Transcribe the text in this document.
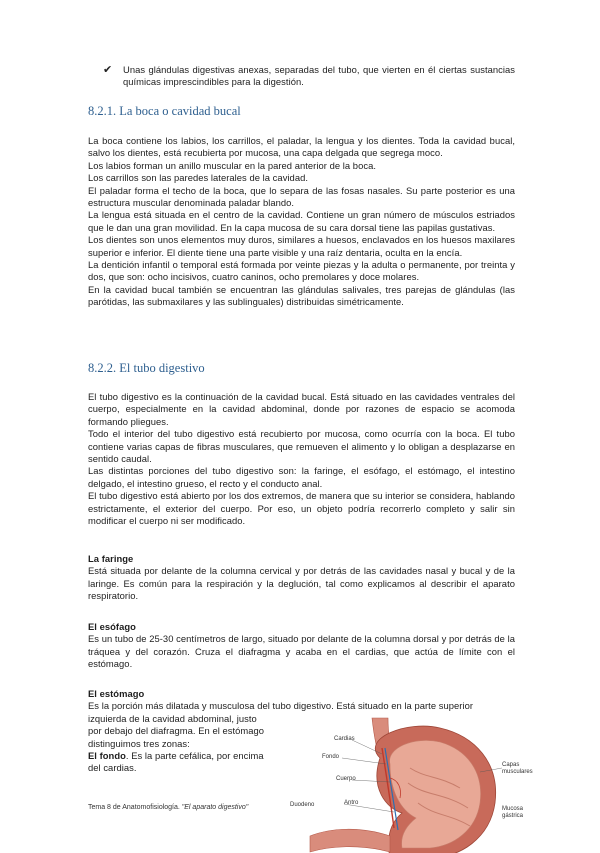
✔ Unas glándulas digestivas anexas, separadas del tubo, que vierten en él ciertas sustancias químicas imprescindibles para la digestión.
8.2.1. La boca o cavidad bucal

La boca contiene los labios, los carrillos, el paladar, la lengua y los dientes. Toda la cavidad bucal, salvo los dientes, está recubierta por mucosa, una capa delgada que segrega moco.

Los labios forman un anillo muscular en la pared anterior de la boca.

Los carrillos son las paredes laterales de la cavidad.

El paladar forma el techo de la boca, que lo separa de las fosas nasales. Su parte posterior es una estructura muscular denominada paladar blando.

La lengua está situada en el centro de la cavidad. Contiene un gran número de músculos estriados que le dan una gran movilidad. En la capa mucosa de su cara dorsal tiene las papilas gustativas.

Los dientes son unos elementos muy duros, similares a huesos, enclavados en los huesos maxilares superior e inferior. El diente tiene una parte visible y una raíz dentaria, oculta en la encía.

La dentición infantil o temporal está formada por veinte piezas y la adulta o permanente, por treinta y dos, que son: ocho incisivos, cuatro caninos, ocho premolares y doce molares.

En la cavidad bucal también se encuentran las glándulas salivales, tres parejas de glándulas (las parótidas, las submaxilares y las sublinguales) distribuidas simétricamente.

8.2.2. El tubo digestivo

El tubo digestivo es la continuación de la cavidad bucal. Está situado en las cavidades ventrales del cuerpo, especialmente en la cavidad abdominal, donde por razones de espacio se acomoda formando pliegues.

Todo el interior del tubo digestivo está recubierto por mucosa, como ocurría con la boca. El tubo contiene varias capas de fibras musculares, que remueven el alimento y lo obligan a desplazarse en sentido caudal.

Las distintas porciones del tubo digestivo son: la faringe, el esófago, el estómago, el intestino delgado, el intestino grueso, el recto y el conducto anal.

El tubo digestivo está abierto por los dos extremos, de manera que su interior se considera, hablando estrictamente, el exterior del cuerpo. Por eso, un objeto podría recorrerlo completo y salir sin modificar el cuerpo ni ser modificado.

La faringe

Está situada por delante de la columna cervical y por detrás de las cavidades nasal y bucal y de la laringe. Es común para la respiración y la deglución, tal como explicamos al describir el aparato respiratorio.

El esófago

Es un tubo de 25-30 centímetros de largo, situado por delante de la columna dorsal y por detrás de la tráquea y del corazón. Cruza el diafragma y acaba en el cardias, que actúa de límite con el estómago.

El estómago

Es la porción más dilatada y musculosa del tubo digestivo. Está situado en la parte superior

izquierda de la cavidad abdominal, justo

por debajo del diafragma. En el estómago

distinguimos tres zonas:

El fondo. Es la parte cefálica, por encima

del cardias.

Cardias
Fondo
Capas
musculares
Cuerpo
Duodeno	Antro
Mucosa
gástrica
Tema 8 de Anatomofisiología. "El aparato digestivo"
